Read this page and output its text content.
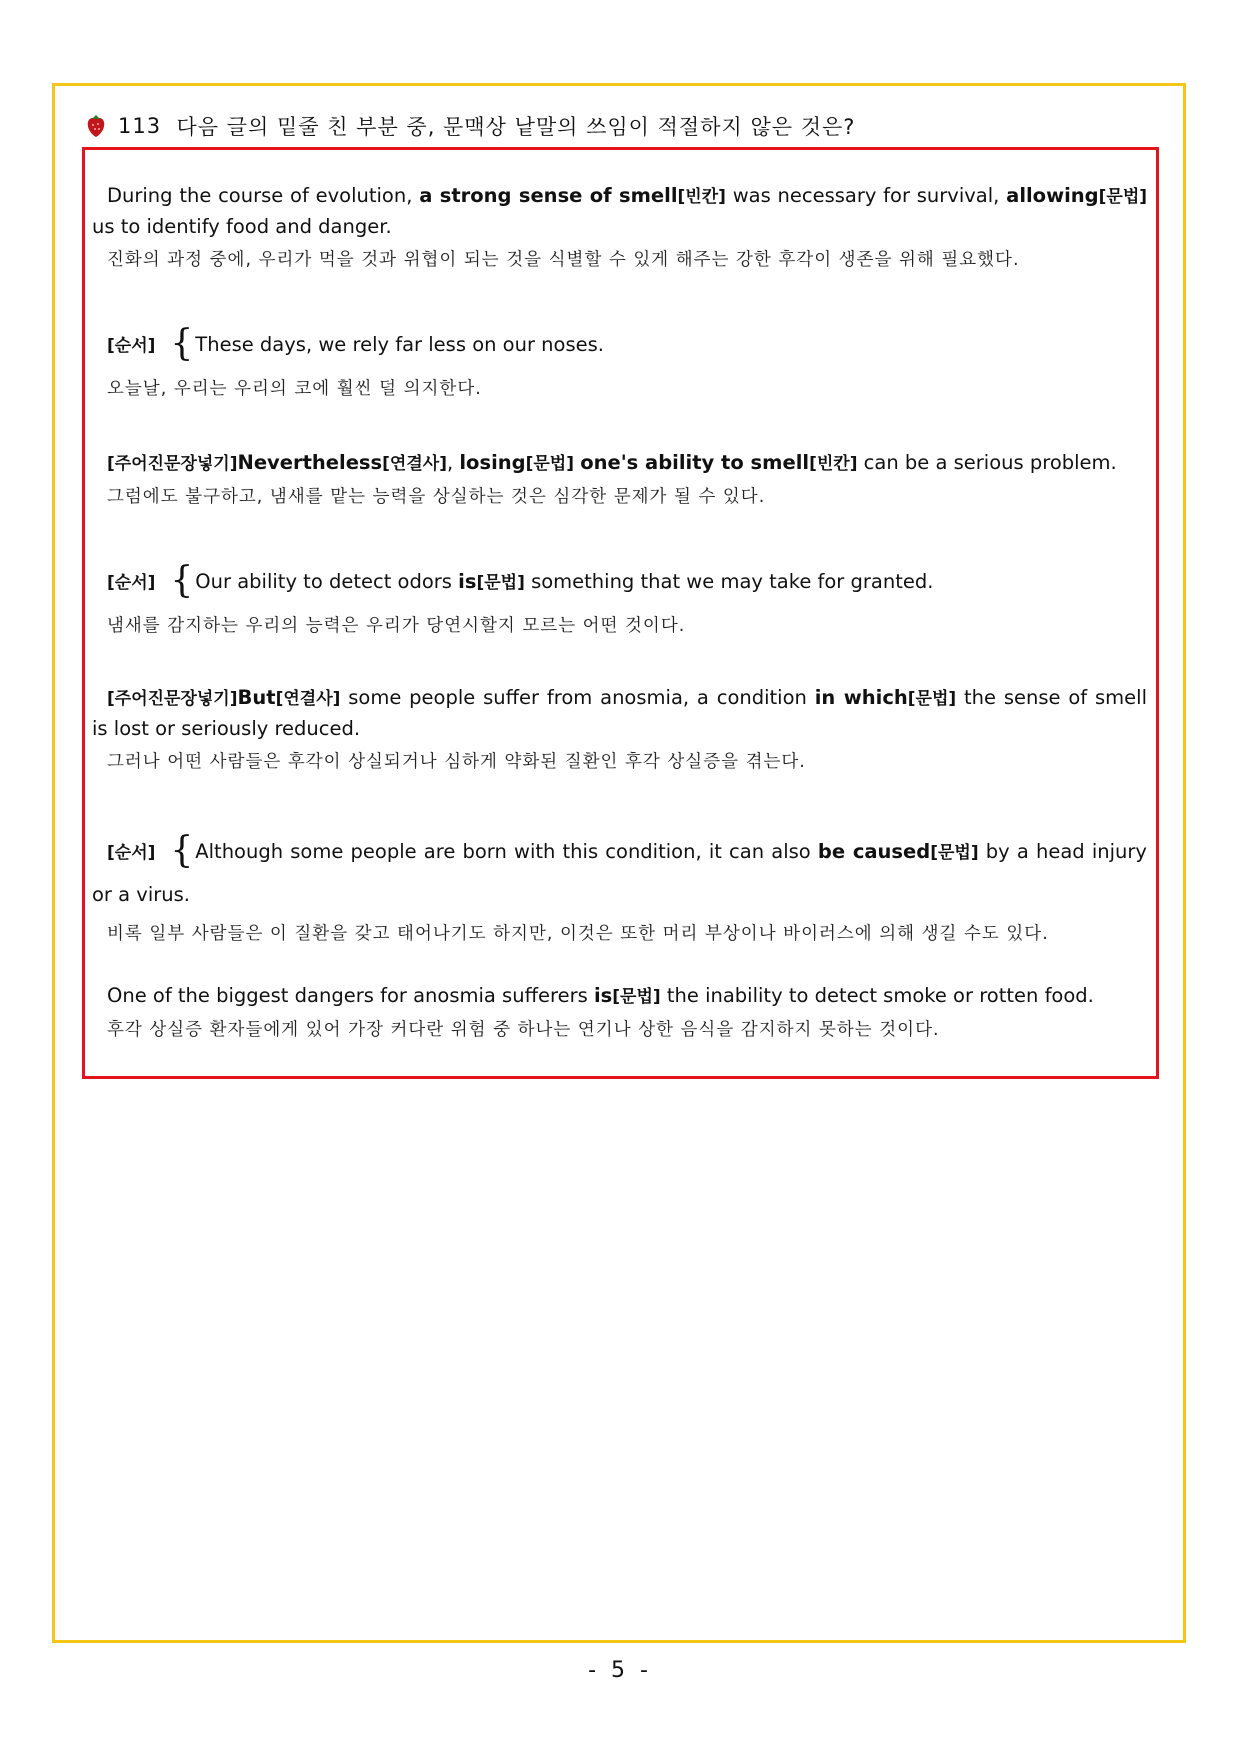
113
다음 글의 밑줄 친 부분 중, 문맥상 낱말의 쓰임이 적절하지 않은 것은?

During the course of evolution, a strong sense of smell[빈칸] was necessary for survival, allowing[문법] us to identify food and danger.

진화의 과정 중에, 우리가 먹을 것과 위협이 되는 것을 식별할 수 있게 해주는 강한 후각이 생존을 위해 필요했다.

[순서] { These days, we rely far less on our noses.

오늘날, 우리는 우리의 코에 훨씬 덜 의지한다.

[주어진문장넣기]Nevertheless[연결사], losing[문법] one's ability to smell[빈칸] can be a serious problem.

그럼에도 불구하고, 냄새를 맡는 능력을 상실하는 것은 심각한 문제가 될 수 있다.

[순서] { Our ability to detect odors is[문법] something that we may take for granted.

냄새를 감지하는 우리의 능력은 우리가 당연시할지 모르는 어떤 것이다.

[주어진문장넣기]But[연결사] some people suffer from anosmia, a condition in which[문법] the sense of smell is lost or seriously reduced.

그러나 어떤 사람들은 후각이 상실되거나 심하게 약화된 질환인 후각 상실증을 겪는다.

[순서] { Although some people are born with this condition, it can also be caused[문법] by a head injury or a virus.

비록 일부 사람들은 이 질환을 갖고 태어나기도 하지만, 이것은 또한 머리 부상이나 바이러스에 의해 생길 수도 있다.

One of the biggest dangers for anosmia sufferers is[문법] the inability to detect smoke or rotten food.

후각 상실증 환자들에게 있어 가장 커다란 위험 중 하나는 연기나 상한 음식을 감지하지 못하는 것이다.

- 5 -
